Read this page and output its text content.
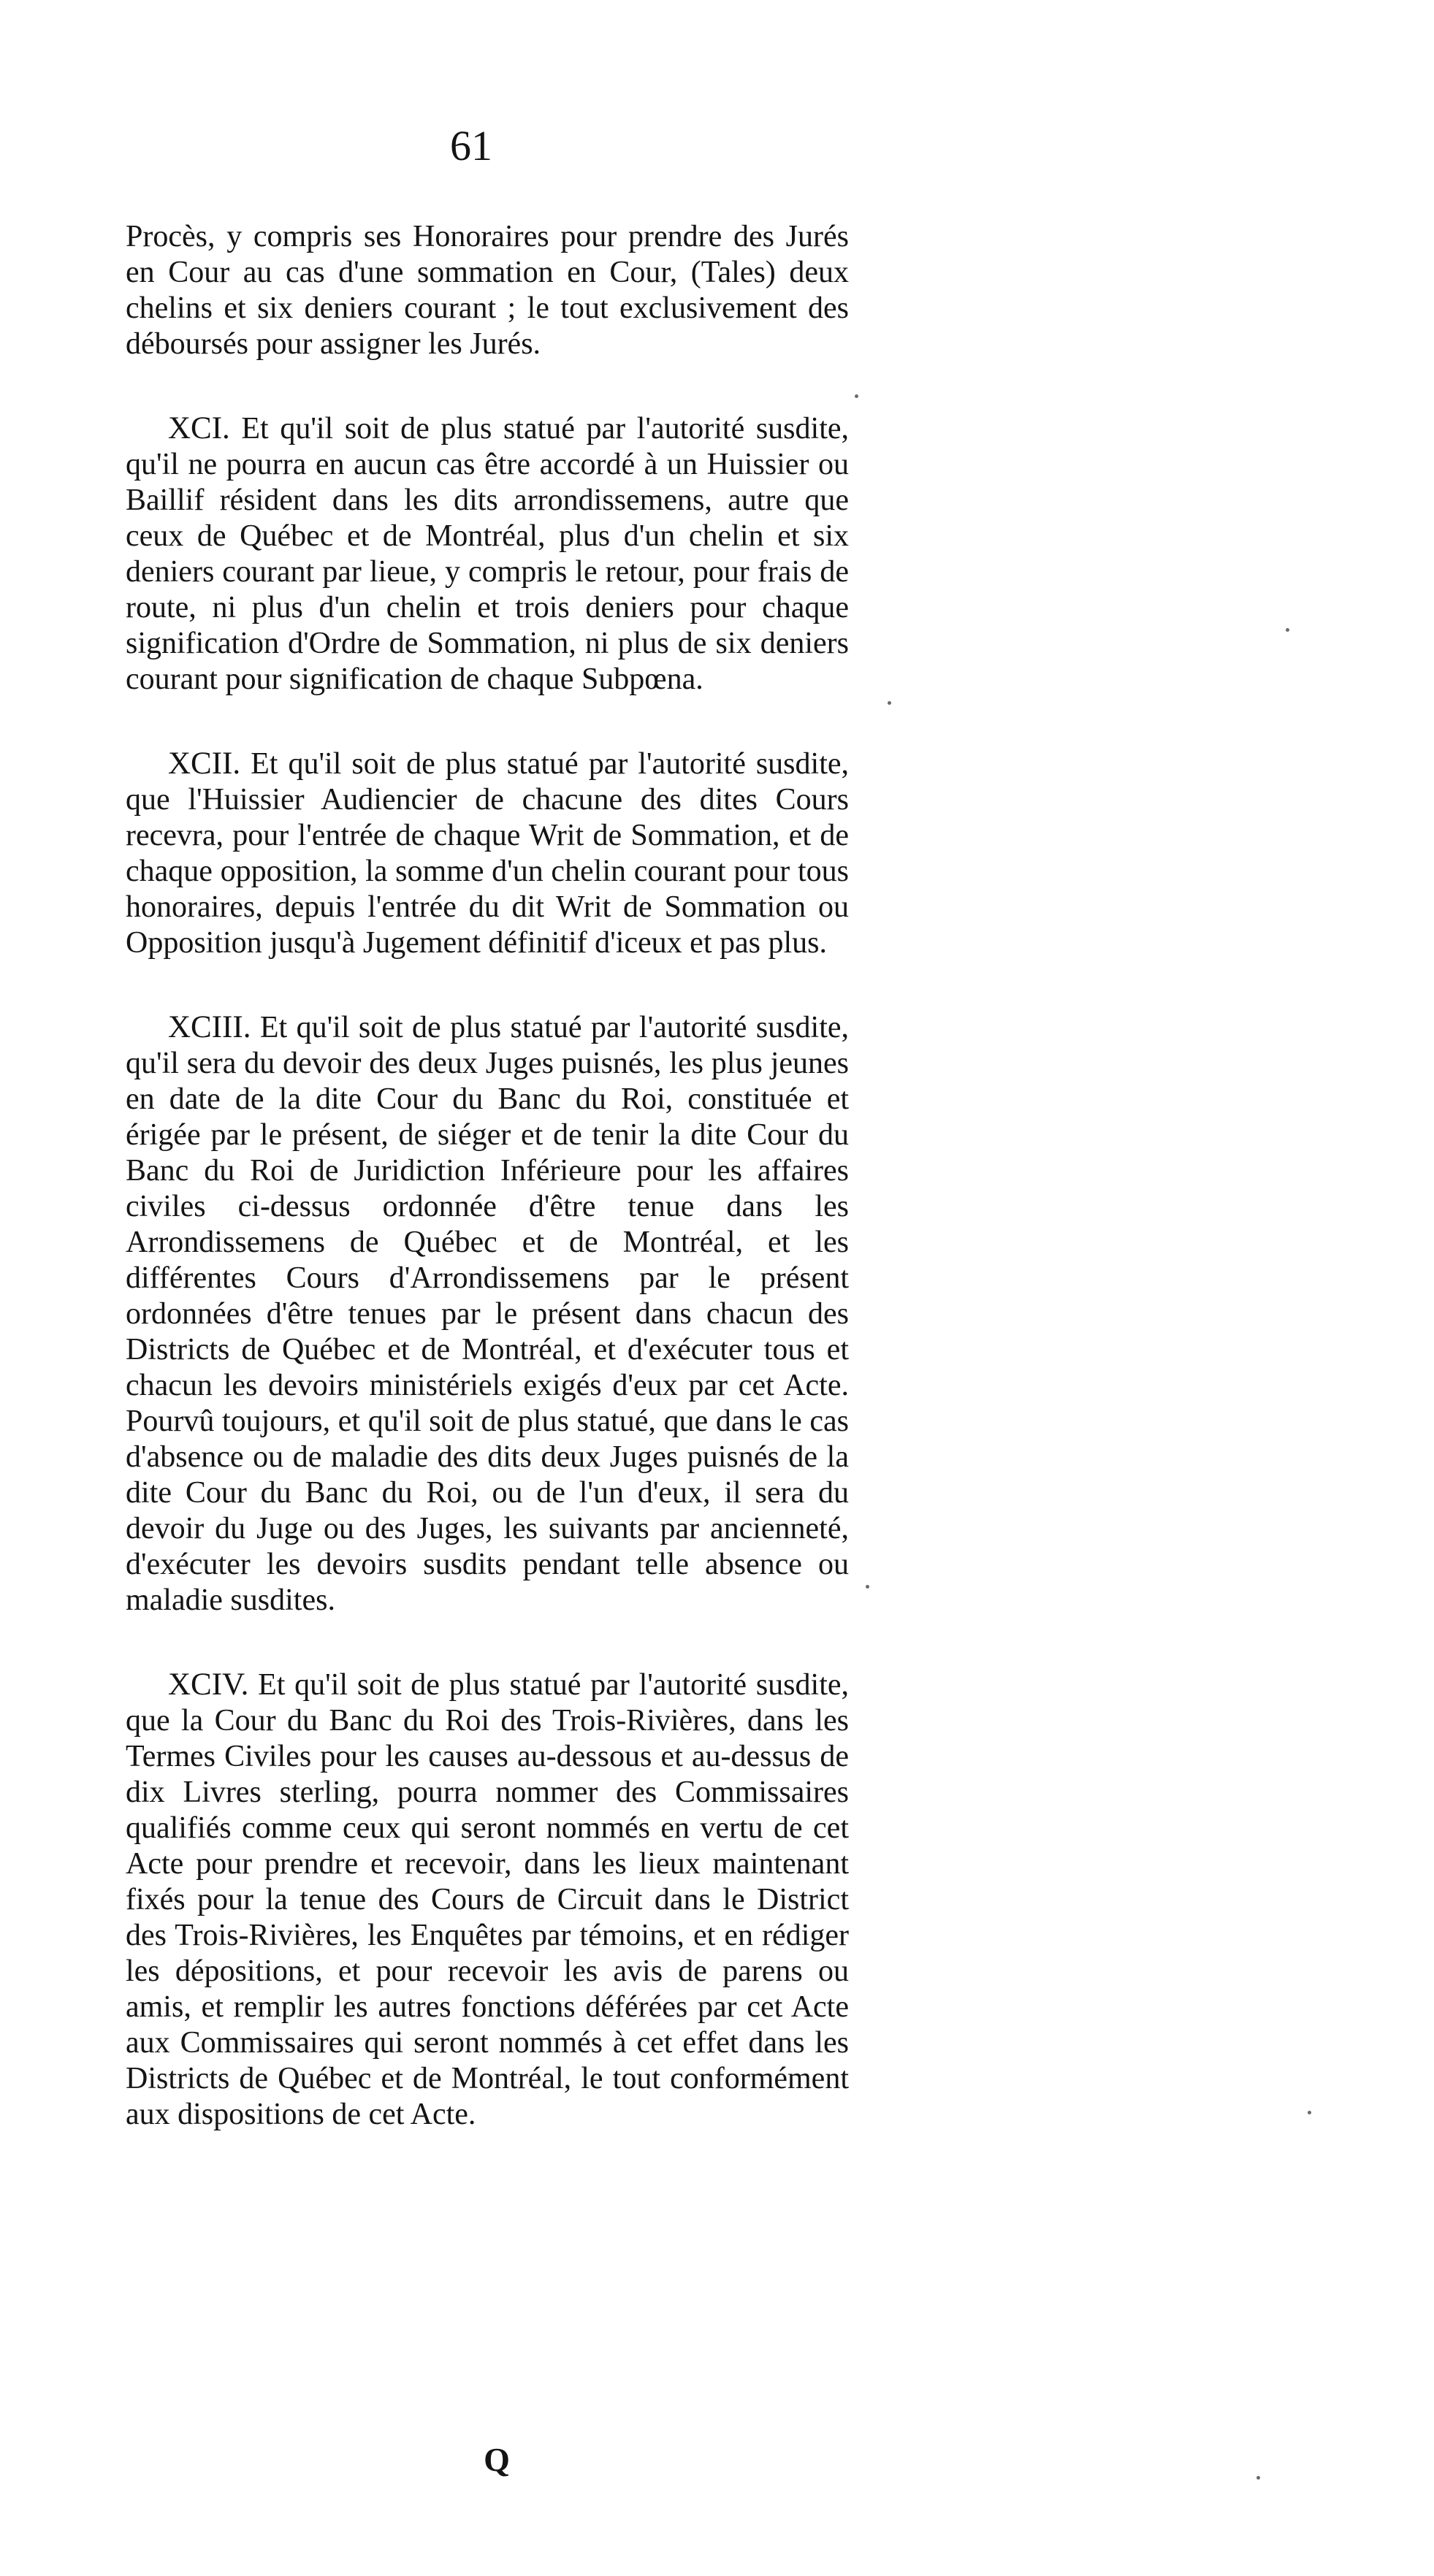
61

Procès, y compris ses Honoraires pour prendre des Jurés en Cour au cas d'une sommation en Cour, (Tales) deux chelins et six deniers courant ; le tout exclusivement des déboursés pour assigner les Jurés.

XCI. Et qu'il soit de plus statué par l'autorité susdite, qu'il ne pourra en aucun cas être accordé à un Huissier ou Baillif résident dans les dits arrondissemens, autre que ceux de Québec et de Montréal, plus d'un chelin et six deniers courant par lieue, y compris le retour, pour frais de route, ni plus d'un chelin et trois deniers pour chaque signification d'Ordre de Sommation, ni plus de six deniers courant pour signification de chaque Subpœna.

XCII. Et qu'il soit de plus statué par l'autorité susdite, que l'Huissier Audiencier de chacune des dites Cours recevra, pour l'entrée de chaque Writ de Sommation, et de chaque opposition, la somme d'un chelin courant pour tous honoraires, depuis l'entrée du dit Writ de Sommation ou Opposition jusqu'à Jugement définitif d'iceux et pas plus.

XCIII. Et qu'il soit de plus statué par l'autorité susdite, qu'il sera du devoir des deux Juges puisnés, les plus jeunes en date de la dite Cour du Banc du Roi, constituée et érigée par le présent, de siéger et de tenir la dite Cour du Banc du Roi de Juridiction Inférieure pour les affaires civiles ci-dessus ordonnée d'être tenue dans les Arrondissemens de Québec et de Montréal, et les différentes Cours d'Arrondissemens par le présent ordonnées d'être tenues par le présent dans chacun des Districts de Québec et de Montréal, et d'exécuter tous et chacun les devoirs ministériels exigés d'eux par cet Acte. Pourvû toujours, et qu'il soit de plus statué, que dans le cas d'absence ou de maladie des dits deux Juges puisnés de la dite Cour du Banc du Roi, ou de l'un d'eux, il sera du devoir du Juge ou des Juges, les suivants par ancienneté, d'exécuter les devoirs susdits pendant telle absence ou maladie susdites.

XCIV. Et qu'il soit de plus statué par l'autorité susdite, que la Cour du Banc du Roi des Trois-Rivières, dans les Termes Civiles pour les causes au-dessous et au-dessus de dix Livres sterling, pourra nommer des Commissaires qualifiés comme ceux qui seront nommés en vertu de cet Acte pour prendre et recevoir, dans les lieux maintenant fixés pour la tenue des Cours de Circuit dans le District des Trois-Rivières, les Enquêtes par témoins, et en rédiger les dépositions, et pour recevoir les avis de parens ou amis, et remplir les autres fonctions déférées par cet Acte aux Commissaires qui seront nommés à cet effet dans les Districts de Québec et de Montréal, le tout conformément aux dispositions de cet Acte.

Q
